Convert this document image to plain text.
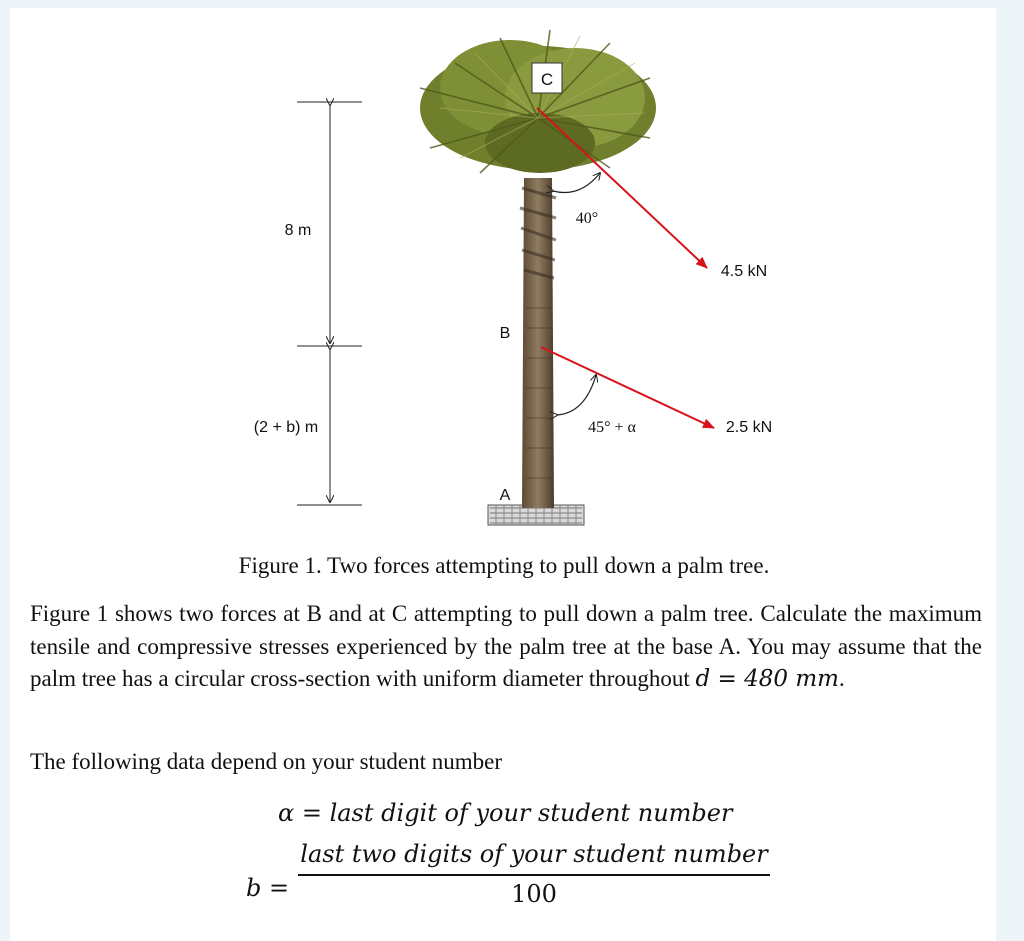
C
8 m
(2 + b) m
B
A
40°
45° + α
4.5 kN
2.5 kN
Figure 1. Two forces attempting to pull down a palm tree.
Figure 1 shows two forces at B and at C attempting to pull down a palm tree. Calculate the maximum tensile and compressive stresses experienced by the palm tree at the base A. You may assume that the palm tree has a circular cross-section with uniform diameter throughout d = 480 mm.
The following data depend on your student number
α = last digit of your student number
b =
last two digits of your student number
100
